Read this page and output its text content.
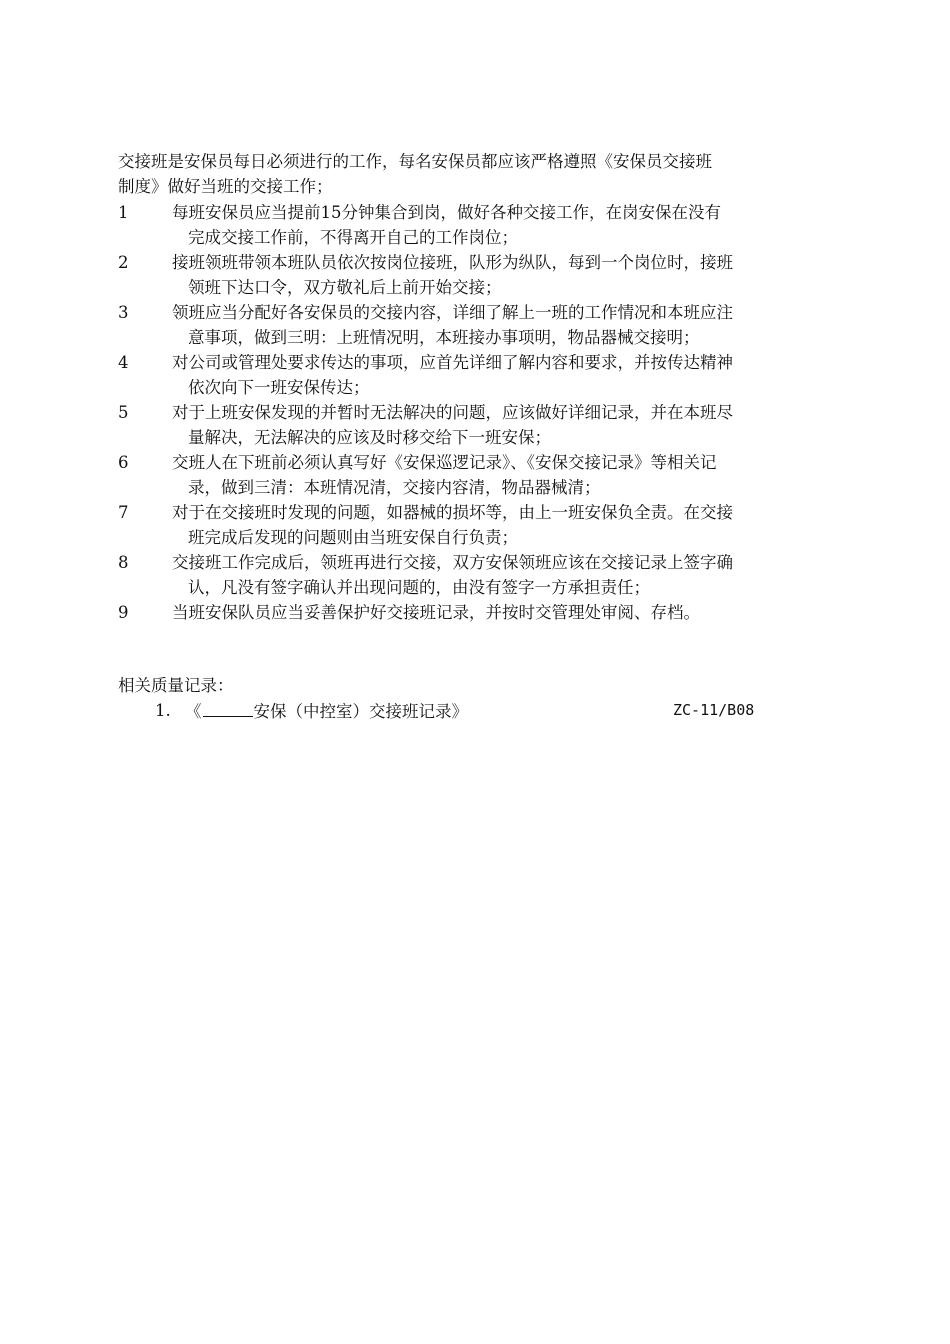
交接班是安保员每日必须进行的工作，每名安保员都应该严格遵照《安保员交接班
制度》做好当班的交接工作；

1	每班安保员应当提前15分钟集合到岗，做好各种交接工作，在岗安保在没有
完成交接工作前，不得离开自己的工作岗位；

2	接班领班带领本班队员依次按岗位接班，队形为纵队，每到一个岗位时，接班
领班下达口令，双方敬礼后上前开始交接；

3	领班应当分配好各安保员的交接内容，详细了解上一班的工作情况和本班应注
意事项，做到三明：上班情况明，本班接办事项明，物品器械交接明；

4	对公司或管理处要求传达的事项，应首先详细了解内容和要求，并按传达精神
依次向下一班安保传达；

5	对于上班安保发现的并暂时无法解决的问题，应该做好详细记录，并在本班尽
量解决，无法解决的应该及时移交给下一班安保；

6	交班人在下班前必须认真写好《安保巡逻记录》、《安保交接记录》等相关记
录，做到三清：本班情况清，交接内容清，物品器械清；

7	对于在交接班时发现的问题，如器械的损坏等，由上一班安保负全责。在交接
班完成后发现的问题则由当班安保自行负责；

8	交接班工作完成后，领班再进行交接，双方安保领班应该在交接记录上签字确
认，凡没有签字确认并出现问题的，由没有签字一方承担责任；

9	当班安保队员应当妥善保护好交接班记录，并按时交管理处审阅、存档。

相关质量记录：

1. 《	安保（中控室）交接班记录》	ZC-11/B08
